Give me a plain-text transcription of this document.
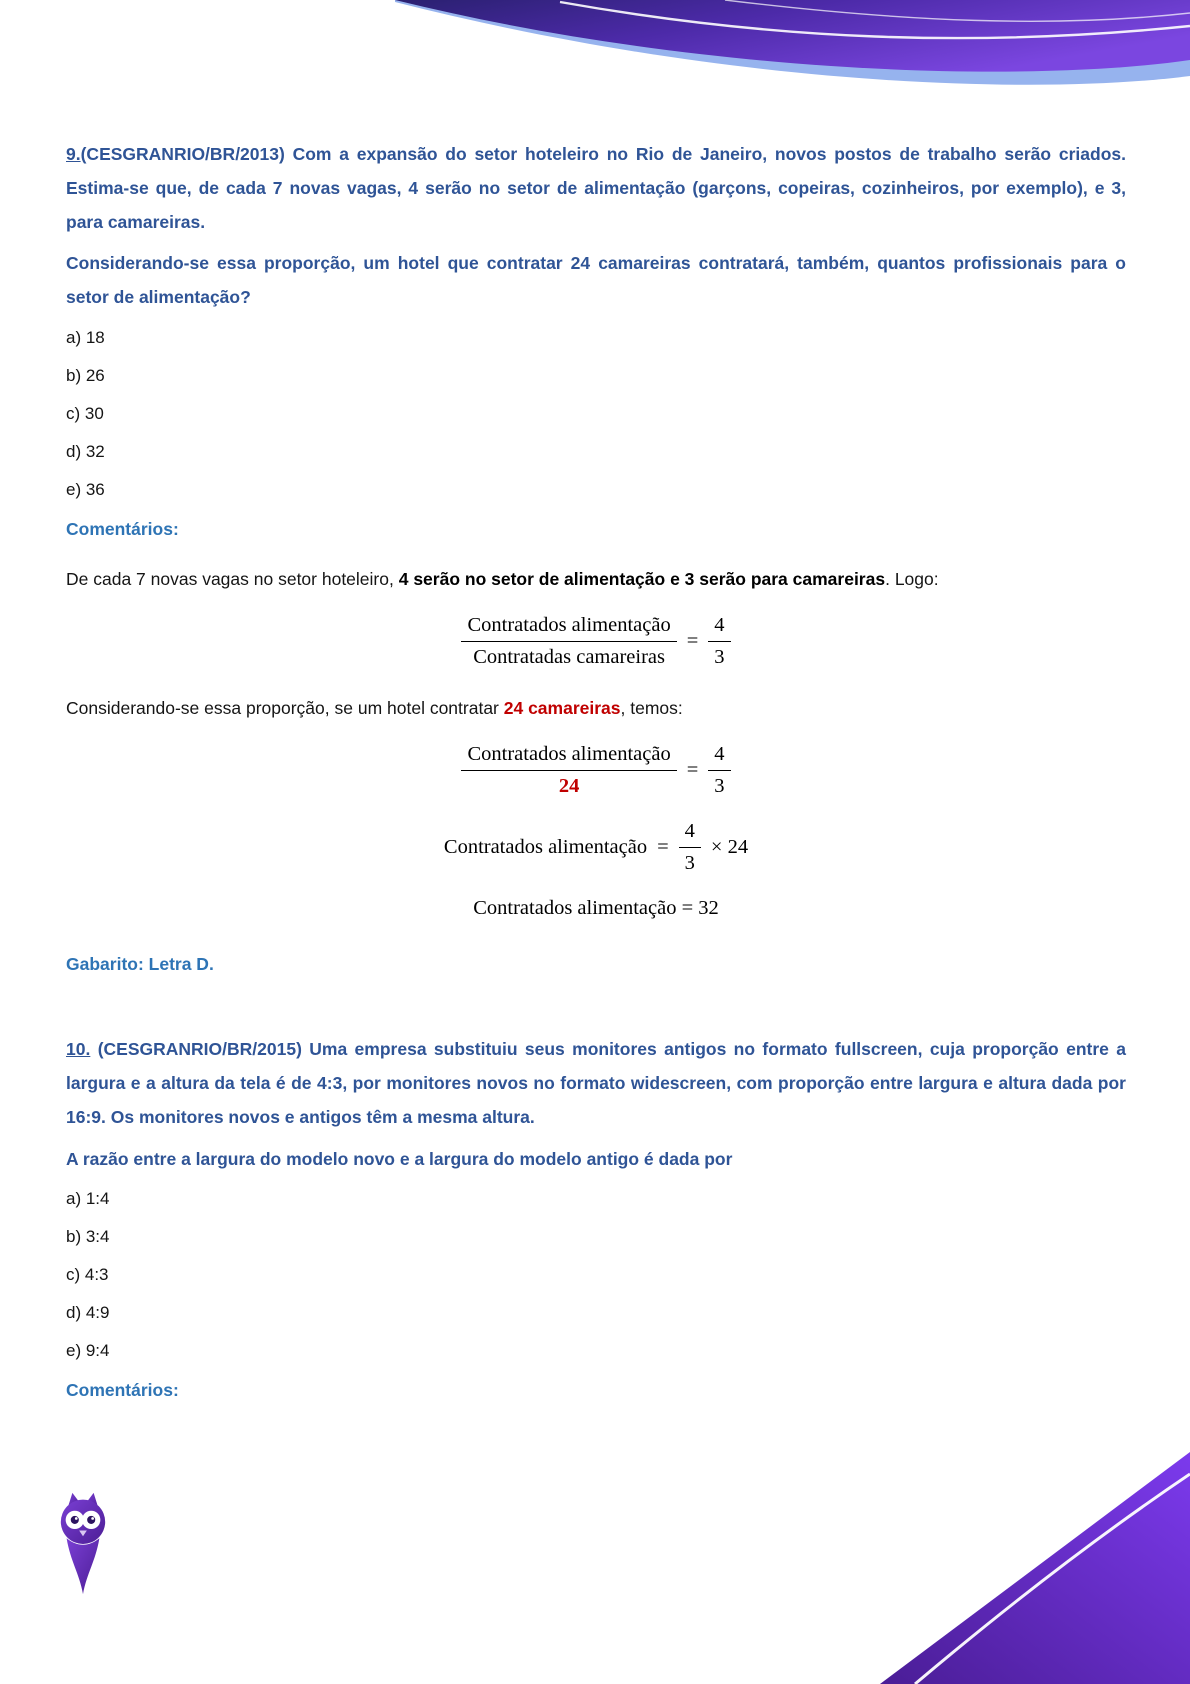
9.(CESGRANRIO/BR/2013) Com a expansão do setor hoteleiro no Rio de Janeiro, novos postos de trabalho serão criados. Estima-se que, de cada 7 novas vagas, 4 serão no setor de alimentação (garçons, copeiras, cozinheiros, por exemplo), e 3, para camareiras.

Considerando-se essa proporção, um hotel que contratar 24 camareiras contratará, também, quantos profissionais para o setor de alimentação?

a) 18

b) 26

c) 30

d) 32

e) 36

Comentários:

De cada 7 novas vagas no setor hoteleiro, 4 serão no setor de alimentação e 3 serão para camareiras. Logo:

$\frac{\text{Contratados alimentação}}{\text{Contratadas camareiras}} = \frac{4}{3}$

Considerando-se essa proporção, se um hotel contratar 24 camareiras, temos:

$\frac{\text{Contratados alimentação}}{24} = \frac{4}{3}$
Contratados alimentação = $\frac{4}{3} \times 24$
Contratados alimentação = 32

Gabarito: Letra D.

10. (CESGRANRIO/BR/2015) Uma empresa substituiu seus monitores antigos no formato fullscreen, cuja proporção entre a largura e a altura da tela é de 4:3, por monitores novos no formato widescreen, com proporção entre largura e altura dada por 16:9. Os monitores novos e antigos têm a mesma altura.

A razão entre a largura do modelo novo e a largura do modelo antigo é dada por

a) 1:4

b) 3:4

c) 4:3

d) 4:9

e) 9:4

Comentários:
